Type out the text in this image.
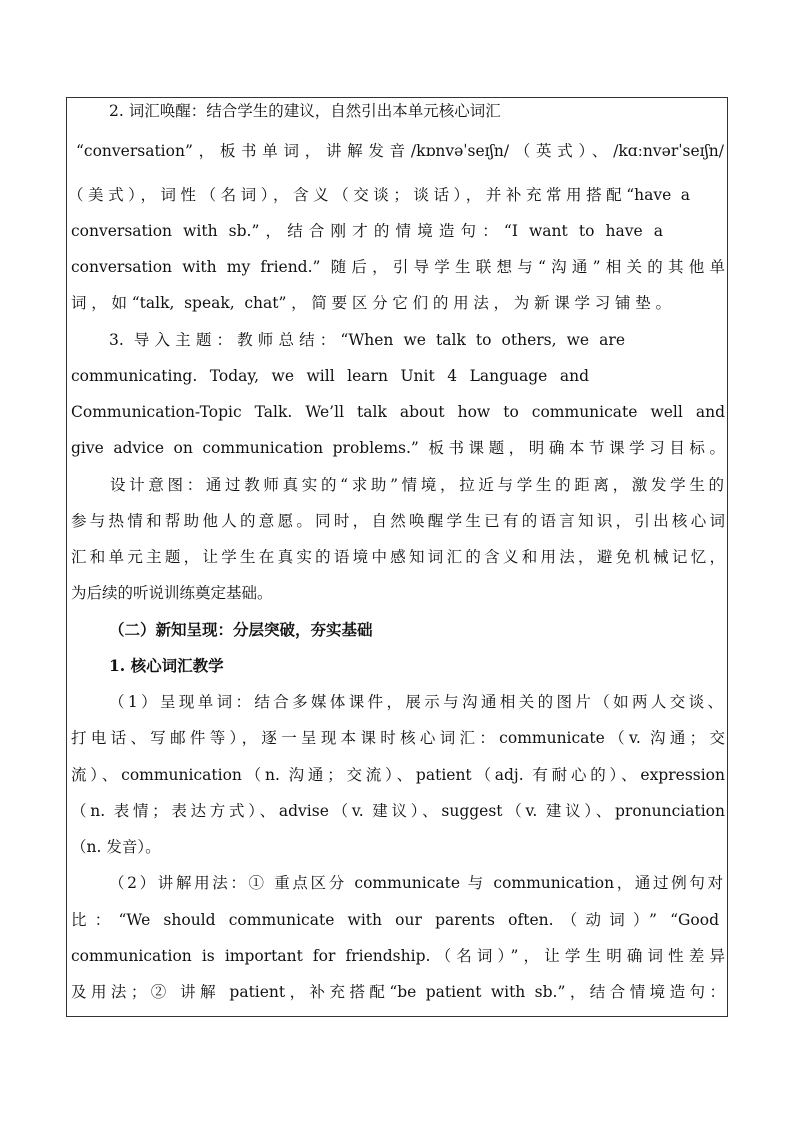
2. 词汇唤醒：结合学生的建议，自然引出本单元核心词汇

“conversation”，板书单词，讲解发音/kɒnvəˈseɪʃn/（英式）、/kɑːnvərˈseɪʃn/

（美式），词性（名词），含义（交谈；谈话），并补充常用搭配“have a

conversation with sb.”，结合刚才的情境造句：“I want to have a

conversation with my friend.” 随后，引导学生联想与“沟通”相关的其他单

词，如“talk, speak, chat”，简要区分它们的用法，为新课学习铺垫。

3. 导入主题：教师总结：“When we talk to others, we are

communicating. Today, we will learn Unit 4 Language and

Communication-Topic Talk. We’ll talk about how to communicate well and

give advice on communication problems.” 板书课题，明确本节课学习目标。

设计意图：通过教师真实的“求助”情境，拉近与学生的距离，激发学生的

参与热情和帮助他人的意愿。同时，自然唤醒学生已有的语言知识，引出核心词

汇和单元主题，让学生在真实的语境中感知词汇的含义和用法，避免机械记忆，

为后续的听说训练奠定基础。

（二）新知呈现：分层突破，夯实基础

1. 核心词汇教学

（1）呈现单词：结合多媒体课件，展示与沟通相关的图片（如两人交谈、

打电话、写邮件等），逐一呈现本课时核心词汇：communicate（v. 沟通；交

流）、communication（n. 沟通；交流）、patient（adj. 有耐心的）、expression

（n. 表情；表达方式）、advise（v. 建议）、suggest（v. 建议）、pronunciation

（n. 发音）。

（2）讲解用法：① 重点区分 communicate 与 communication，通过例句对

比：“We should communicate with our parents often.（动词）” “Good

communication is important for friendship.（名词）”，让学生明确词性差异

及用法；② 讲解 patient，补充搭配“be patient with sb.”，结合情境造句：
